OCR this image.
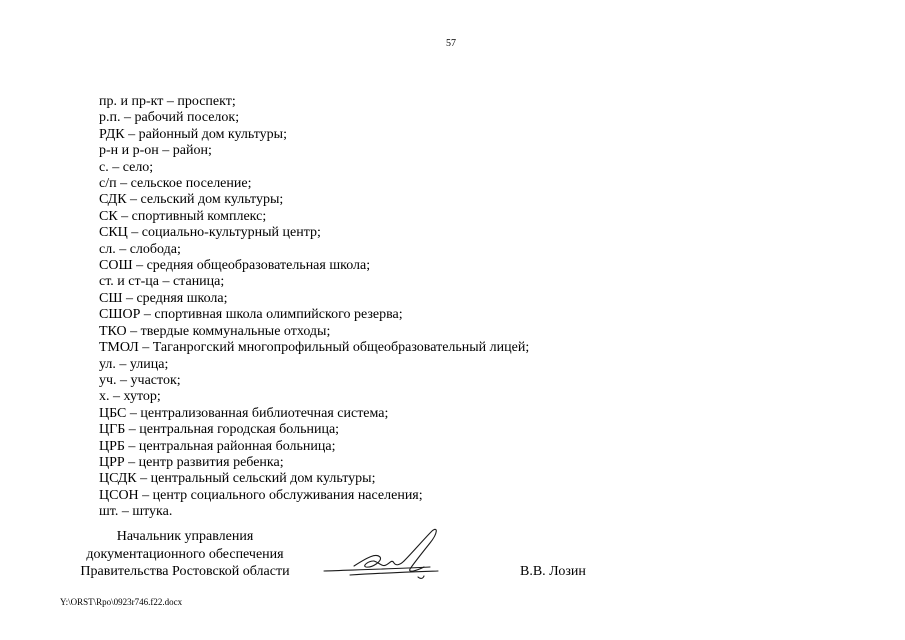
57
пр. и пр-кт – проспект;
р.п. – рабочий поселок;
РДК – районный дом культуры;
р-н и р-он – район;
с. – село;
с/п – сельское поселение;
СДК – сельский дом культуры;
СК – спортивный комплекс;
СКЦ – социально-культурный центр;
сл. – слобода;
СОШ – средняя общеобразовательная школа;
ст. и ст-ца – станица;
СШ – средняя школа;
СШОР – спортивная школа олимпийского резерва;
ТКО – твердые коммунальные отходы;
ТМОЛ – Таганрогский многопрофильный общеобразовательный лицей;
ул. – улица;
уч. – участок;
х. – хутор;
ЦБС – централизованная библиотечная система;
ЦГБ – центральная городская больница;
ЦРБ – центральная районная больница;
ЦРР – центр развития ребенка;
ЦСДК – центральный сельский дом культуры;
ЦСОН – центр социального обслуживания населения;
шт. – штука.
Начальник управления
документационного обеспечения
Правительства Ростовской области	В.В. Лозин
Y:\ORST\Rpo\0923r746.f22.docx
